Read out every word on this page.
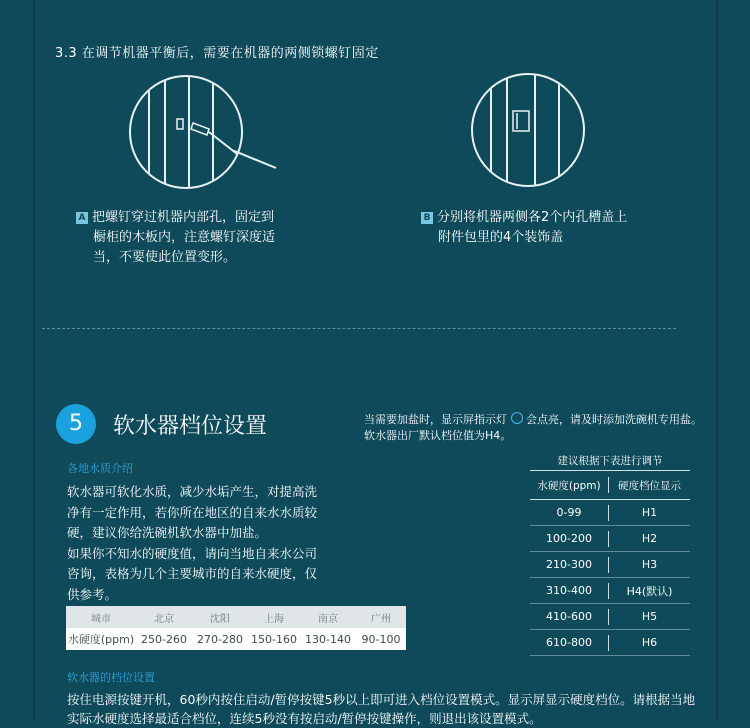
3.3 在调节机器平衡后，需要在机器的两侧锁螺钉固定
A 把螺钉穿过机器内部孔，固定到
橱柜的木板内，注意螺钉深度适
当，不要使此位置变形。
B 分别将机器两侧各2个内孔槽盖上
附件包里的4个装饰盖
5	软水器档位设置	当需要加盐时，显示屏指示灯 会点亮，请及时添加洗碗机专用盐。
软水器出厂默认档位值为H4。
各地水质介绍
软水器可软化水质，减少水垢产生，对提高洗
净有一定作用，若你所在地区的自来水水质较
硬，建议你给洗碗机软水器中加盐。
如果你不知水的硬度值，请向当地自来水公司
咨询，表格为几个主要城市的自来水硬度，仅
供参考。
城市	北京	沈阳	上海	南京	广州
水硬度(ppm) 250-260 270-280 150-160 130-140 90-100
建议根据下表进行调节
水硬度(ppm)	硬度档位显示
0-99	H1
100-200	H2
210-300	H3
310-400	H4(默认)
410-600	H5
610-800	H6
软水器的档位设置
按住电源按键开机，60秒内按住启动/暂停按键5秒以上即可进入档位设置模式。显示屏显示硬度档位。请根据当地
实际水硬度选择最适合档位，连续5秒没有按启动/暂停按键操作，则退出该设置模式。
